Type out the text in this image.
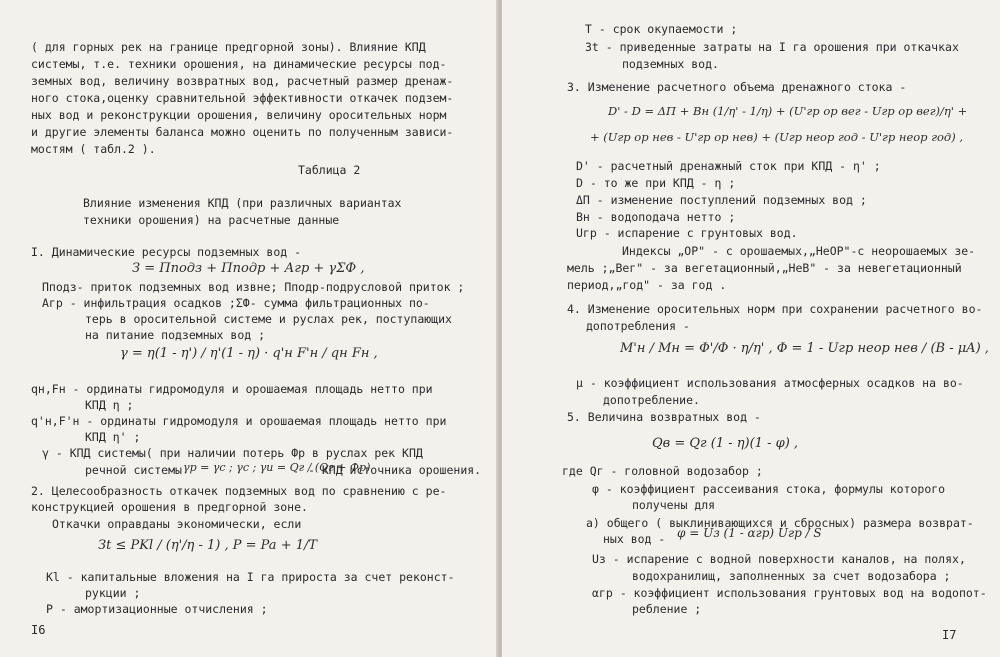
( для горных рек на границе предгорной зоны). Влияние КПД
системы, т.е. техники орошения, на динамические ресурсы под-
земных вод, величину возвратных вод, расчетный размер дренаж-
ного стока,оценку сравнительной эффективности откачек подзем-
ных вод и реконструкции орошения, величину оросительных норм
и другие элементы баланса можно оценить по полученным зависи-
мостям ( табл.2 ).
Таблица 2
Влияние изменения КПД (при различных вариантах
техники орошения) на расчетные данные
I. Динамические ресурсы подземных вод -
З = Пподз + Пподр + Агр + γΣФ ,
Пподз- приток подземных вод извне; Пподр-подрусловой приток ;
Агр - инфильтрация осадков ;ΣФ- сумма фильтрационных по-
терь в оросительной системе и руслах рек, поступающих
на питание подземных вод ;
γ = η(1 - η') / η'(1 - η) · q'н F'н / qн Fн ,
qн,Fн - ординаты гидромодуля и орошаемая площадь нетто при
КПД η ;
q'н,F'н - ординаты гидромодуля и орошаемая площадь нетто при
КПД η' ;
γ - КПД системы( при наличии потерь Фр в руслах рек КПД
речной системы γр = γс ; γс ; γи = Qг / (Qг + Фр)
- КПД источника орошения.
2. Целесообразность откачек подземных вод по сравнению с ре-
конструкцией орошения в предгорной зоне.
Откачки оправданы экономически, если
Зt ≤ PKl / (η'/η - 1) , P = Pa + 1/T
Kl - капитальные вложения на I га прироста за счет реконст-
рукции ;
P - амортизационные отчисления ;
I6
Т - срок окупаемости ;
Зt - приведенные затраты на I га орошения при откачках
подземных вод.
3. Изменение расчетного объема дренажного стока -
D' - D = ΔП + Вн (1/η' - 1/η) + (U'гр ор вег - Uгр ор вег)/η' +
+ (Uгр ор нев - U'гр ор нев) + (Uгр неор год - U'гр неор год) ,
D' - расчетный дренажный сток при КПД - η' ;
D - то же при КПД - η ;
ΔП - изменение поступлений подземных вод ;
Вн - водоподача нетто ;
Uгр - испарение с грунтовых вод.
Индексы „ОР" - с орошаемых,„НеОР"-с неорошаемых зе-
мель ;„Вег" - за вегетационный,„НеВ" - за невегетационный
период,„год" - за год .
4. Изменение оросительных норм при сохранении расчетного во-
допотребления -
M'н / Mн = Φ'/Φ · η/η' , Φ = 1 - Uгр неор нев / (B - μA) ,
μ - коэффициент использования атмосферных осадков на во-
допотребление.
5. Величина возвратных вод -
Qв = Qг (1 - η)(1 - φ) ,
где Qг - головной водозабор ;
φ - коэффициент рассеивания стока, формулы которого
получены для
а) общего ( выклинивающихся и сбросных) размера возврат-
ных вод - φ = Uз (1 - αгр) Uгр / S
Uз - испарение с водной поверхности каналов, на полях,
водохранилищ, заполненных за счет водозабора ;
αгр - коэффициент использования грунтовых вод на водопот-
ребление ;
I7
